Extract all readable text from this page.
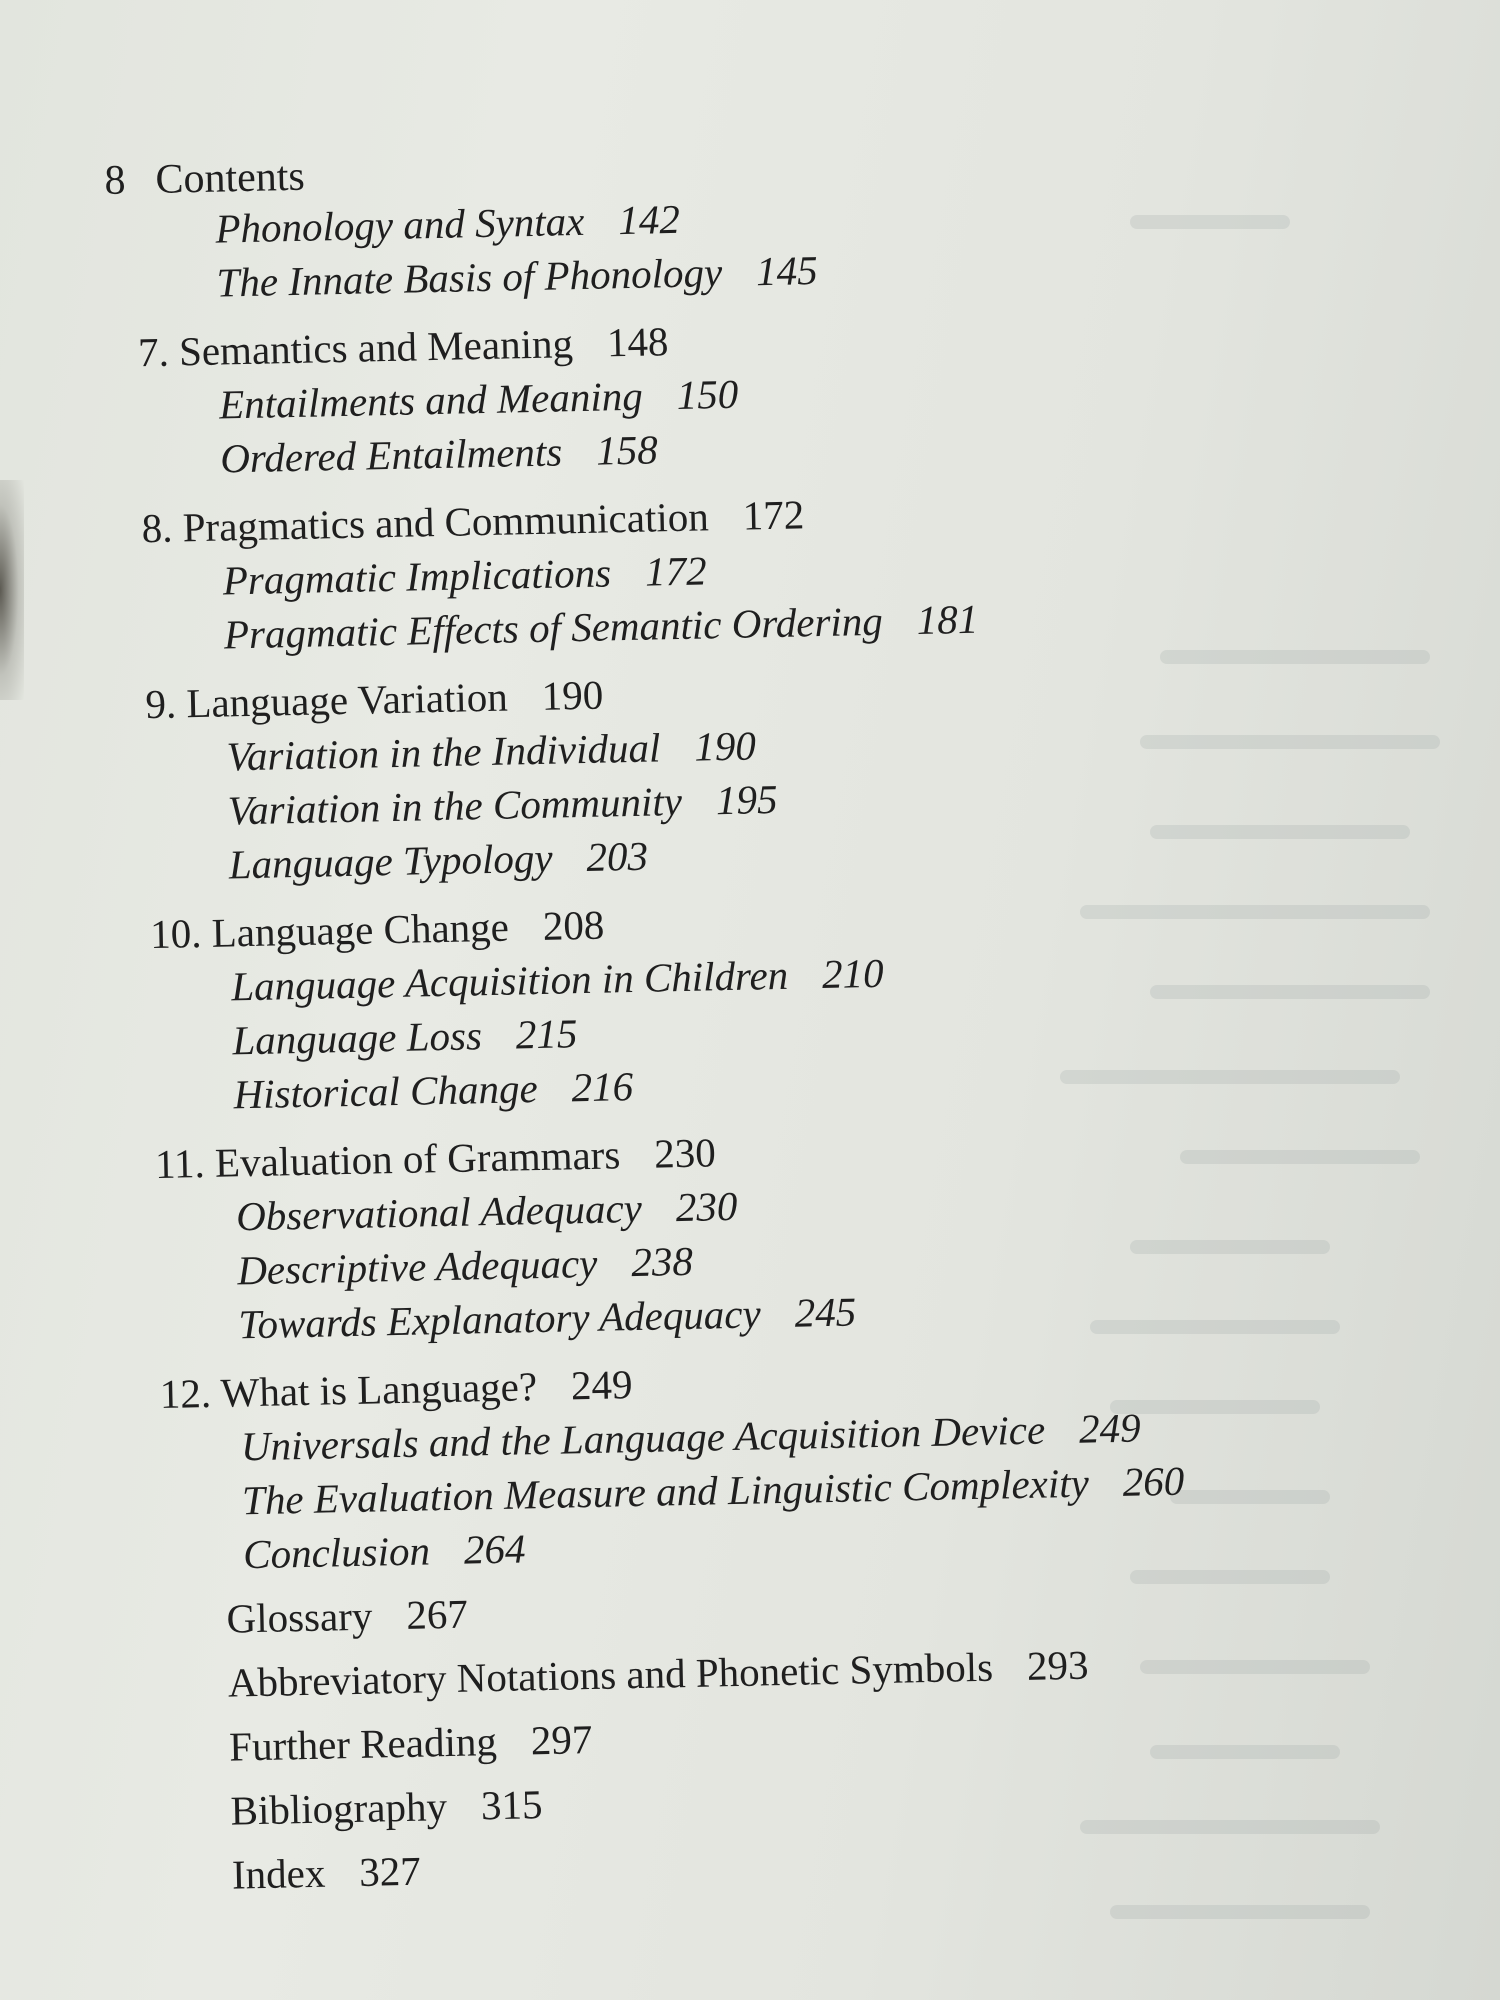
8 Contents
Phonology and Syntax 142
The Innate Basis of Phonology 145
7. Semantics and Meaning 148
Entailments and Meaning 150
Ordered Entailments 158
8. Pragmatics and Communication 172
Pragmatic Implications 172
Pragmatic Effects of Semantic Ordering 181
9. Language Variation 190
Variation in the Individual 190
Variation in the Community 195
Language Typology 203
10. Language Change 208
Language Acquisition in Children 210
Language Loss 215
Historical Change 216
11. Evaluation of Grammars 230
Observational Adequacy 230
Descriptive Adequacy 238
Towards Explanatory Adequacy 245
12. What is Language? 249
Universals and the Language Acquisition Device 249
The Evaluation Measure and Linguistic Complexity 260
Conclusion 264
Glossary 267
Abbreviatory Notations and Phonetic Symbols 293
Further Reading 297
Bibliography 315
Index 327
